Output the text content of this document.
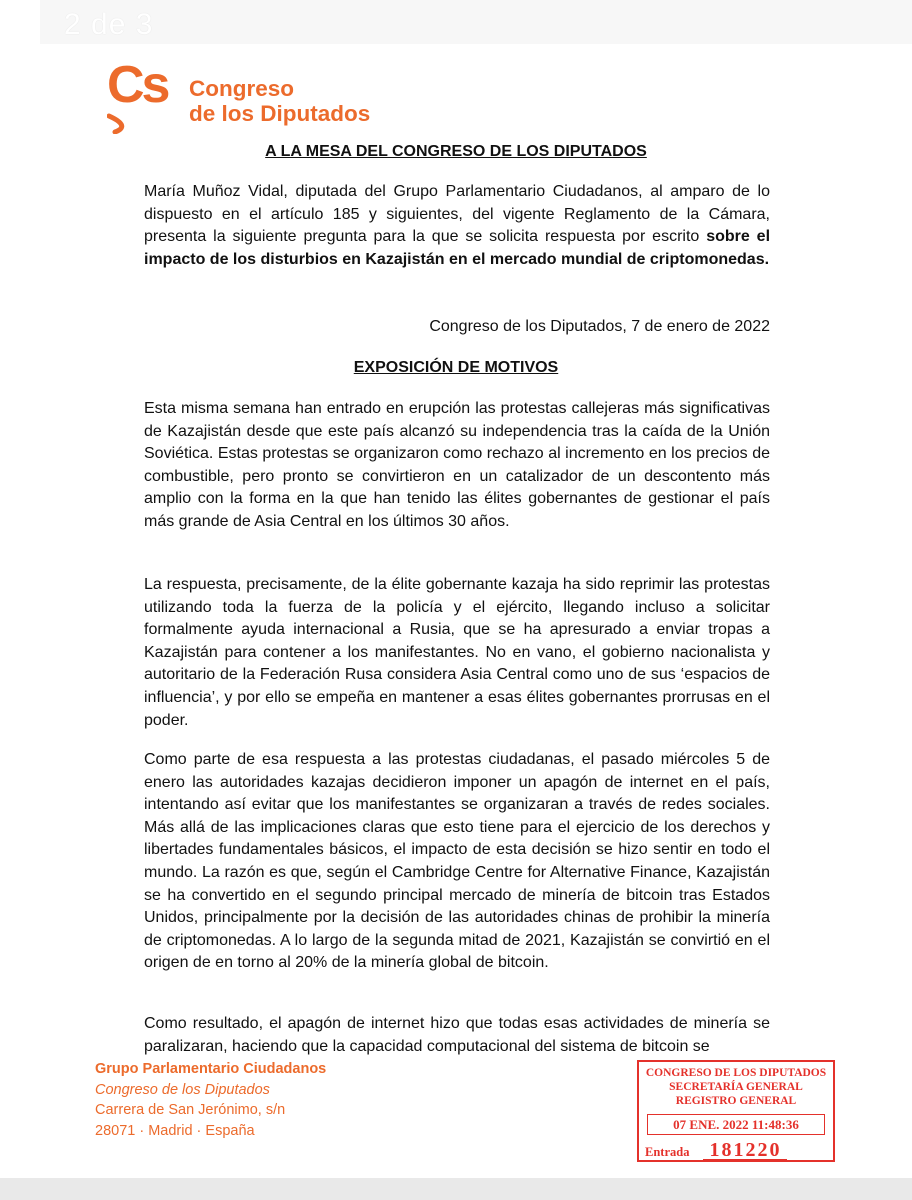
2 de 3
Cs Congreso
de los Diputados
A LA MESA DEL CONGRESO DE LOS DIPUTADOS
María Muñoz Vidal, diputada del Grupo Parlamentario Ciudadanos, al amparo de lo dispuesto en el artículo 185 y siguientes, del vigente Reglamento de la Cámara, presenta la siguiente pregunta para la que se solicita respuesta por escrito sobre el impacto de los disturbios en Kazajistán en el mercado mundial de criptomonedas.
Congreso de los Diputados, 7 de enero de 2022
EXPOSICIÓN DE MOTIVOS
Esta misma semana han entrado en erupción las protestas callejeras más significativas de Kazajistán desde que este país alcanzó su independencia tras la caída de la Unión Soviética. Estas protestas se organizaron como rechazo al incremento en los precios de combustible, pero pronto se convirtieron en un catalizador de un descontento más amplio con la forma en la que han tenido las élites gobernantes de gestionar el país más grande de Asia Central en los últimos 30 años.
La respuesta, precisamente, de la élite gobernante kazaja ha sido reprimir las protestas utilizando toda la fuerza de la policía y el ejército, llegando incluso a solicitar formalmente ayuda internacional a Rusia, que se ha apresurado a enviar tropas a Kazajistán para contener a los manifestantes. No en vano, el gobierno nacionalista y autoritario de la Federación Rusa considera Asia Central como uno de sus ‘espacios de influencia’, y por ello se empeña en mantener a esas élites gobernantes prorrusas en el poder.
Como parte de esa respuesta a las protestas ciudadanas, el pasado miércoles 5 de enero las autoridades kazajas decidieron imponer un apagón de internet en el país, intentando así evitar que los manifestantes se organizaran a través de redes sociales. Más allá de las implicaciones claras que esto tiene para el ejercicio de los derechos y libertades fundamentales básicos, el impacto de esta decisión se hizo sentir en todo el mundo. La razón es que, según el Cambridge Centre for Alternative Finance, Kazajistán se ha convertido en el segundo principal mercado de minería de bitcoin tras Estados Unidos, principalmente por la decisión de las autoridades chinas de prohibir la minería de criptomonedas. A lo largo de la segunda mitad de 2021, Kazajistán se convirtió en el origen de en torno al 20% de la minería global de bitcoin.
Como resultado, el apagón de internet hizo que todas esas actividades de minería se paralizaran, haciendo que la capacidad computacional del sistema de bitcoin se
Grupo Parlamentario Ciudadanos
Congreso de los Diputados
Carrera de San Jerónimo, s/n
28071 · Madrid · España
CONGRESO DE LOS DIPUTADOS
SECRETARÍA GENERAL
REGISTRO GENERAL
07 ENE. 2022 11:48:36
Entrada	181220
